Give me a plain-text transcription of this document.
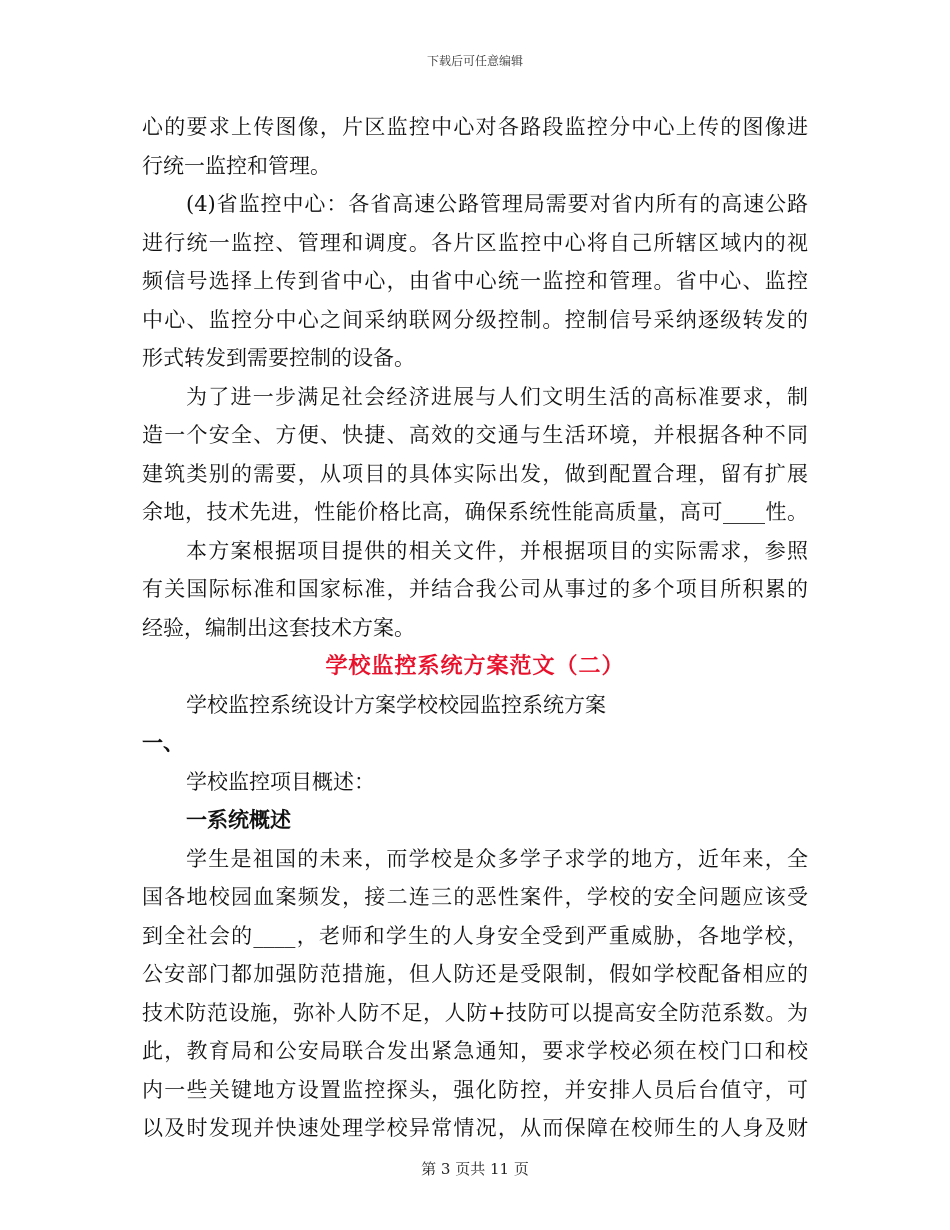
下载后可任意编辑
心的要求上传图像，片区监控中心对各路段监控分中心上传的图像进
行统一监控和管理。
(4)省监控中心：各省高速公路管理局需要对省内所有的高速公路
进行统一监控、管理和调度。各片区监控中心将自己所辖区域内的视
频信号选择上传到省中心，由省中心统一监控和管理。省中心、监控
中心、监控分中心之间采纳联网分级控制。控制信号采纳逐级转发的
形式转发到需要控制的设备。
为了进一步满足社会经济进展与人们文明生活的高标准要求，制
造一个安全、方便、快捷、高效的交通与生活环境，并根据各种不同
建筑类别的需要，从项目的具体实际出发，做到配置合理，留有扩展
余地，技术先进，性能价格比高，确保系统性能高质量，高可____性。
本方案根据项目提供的相关文件，并根据项目的实际需求，参照
有关国际标准和国家标准，并结合我公司从事过的多个项目所积累的
经验，编制出这套技术方案。
学校监控系统方案范文（二）
学校监控系统设计方案学校校园监控系统方案
一、
学校监控项目概述：
一系统概述
学生是祖国的未来，而学校是众多学子求学的地方，近年来，全
国各地校园血案频发，接二连三的恶性案件，学校的安全问题应该受
到全社会的____，老师和学生的人身安全受到严重威胁，各地学校，
公安部门都加强防范措施，但人防还是受限制，假如学校配备相应的
技术防范设施，弥补人防不足，人防+技防可以提高安全防范系数。为
此，教育局和公安局联合发出紧急通知，要求学校必须在校门口和校
内一些关键地方设置监控探头，强化防控，并安排人员后台值守，可
以及时发现并快速处理学校异常情况，从而保障在校师生的人身及财
第 3 页共 11 页
